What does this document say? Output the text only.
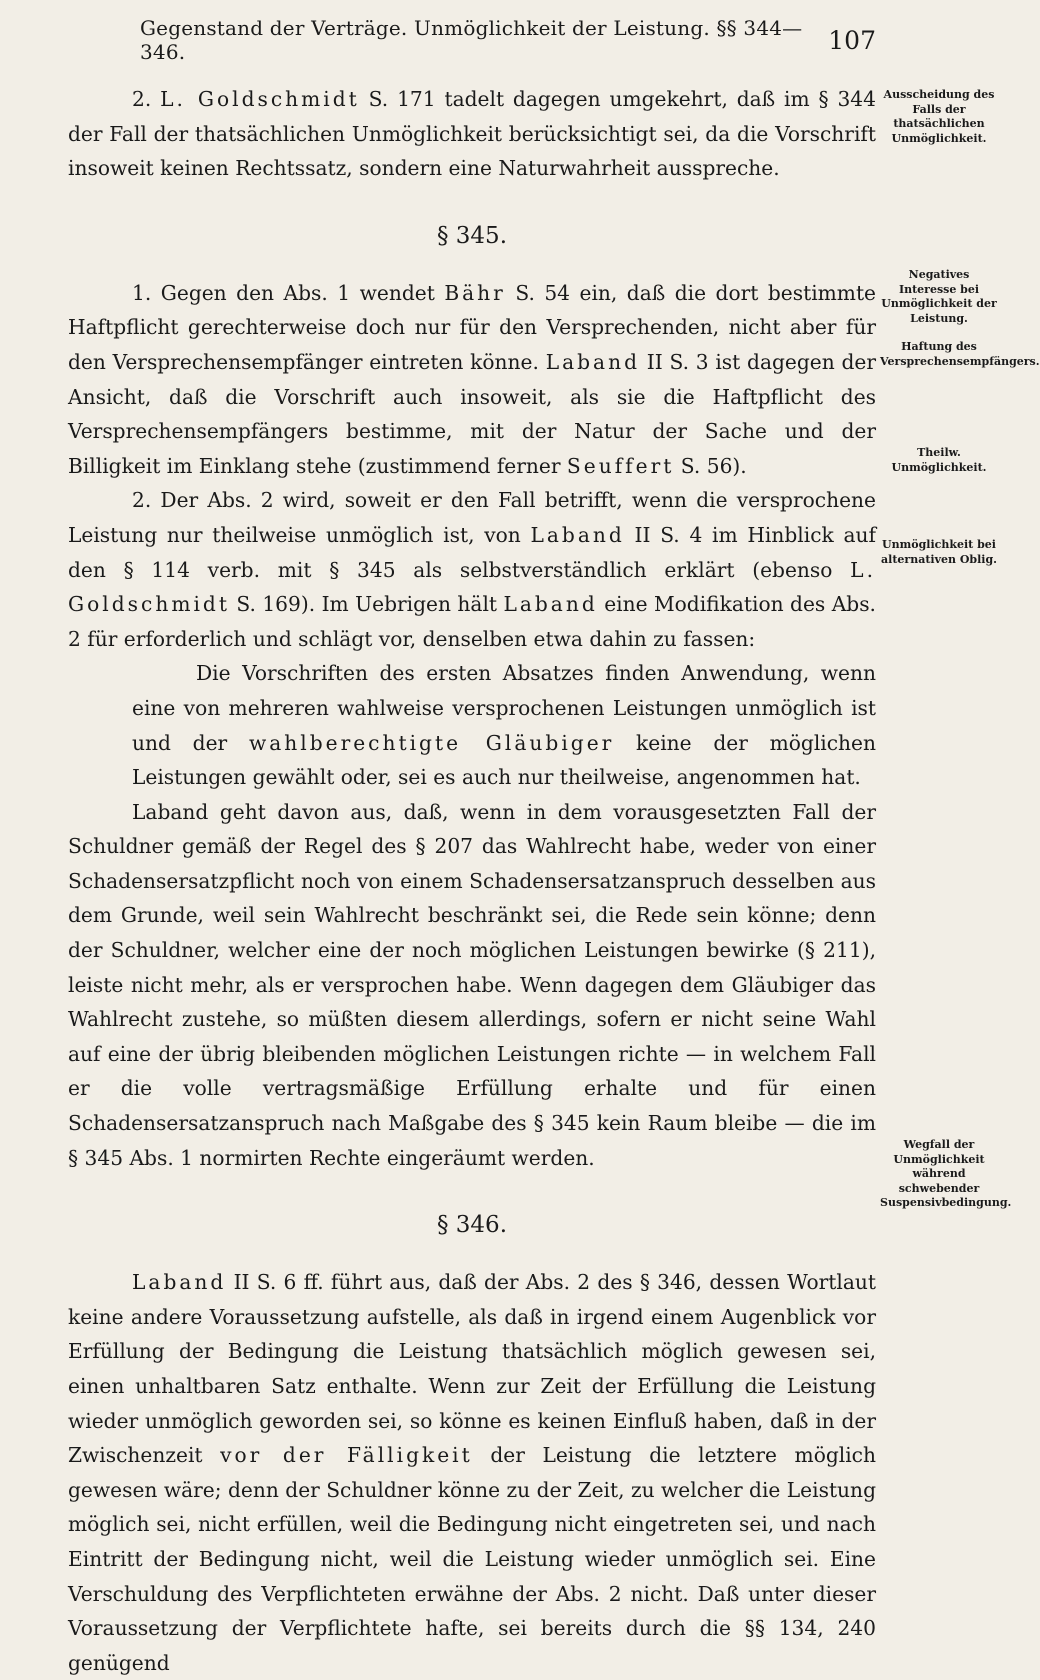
Gegenstand der Verträge. Unmöglichkeit der Leistung. §§ 344—346.	107

2. L. Goldschmidt S. 171 tadelt dagegen umgekehrt, daß im § 344 der Fall der thatsächlichen Unmöglichkeit berücksichtigt sei, da die Vorschrift insoweit keinen Rechtssatz, sondern eine Naturwahrheit ausspreche.

§ 345.

1. Gegen den Abs. 1 wendet Bähr S. 54 ein, daß die dort bestimmte Haftpflicht gerechterweise doch nur für den Versprechenden, nicht aber für den Versprechensempfänger eintreten könne. Laband II S. 3 ist dagegen der Ansicht, daß die Vorschrift auch insoweit, als sie die Haftpflicht des Versprechensempfängers bestimme, mit der Natur der Sache und der Billigkeit im Einklang stehe (zustimmend ferner Seuffert S. 56).

2. Der Abs. 2 wird, soweit er den Fall betrifft, wenn die versprochene Leistung nur theilweise unmöglich ist, von Laband II S. 4 im Hinblick auf den § 114 verb. mit § 345 als selbstverständlich erklärt (ebenso L. Goldschmidt S. 169). Im Uebrigen hält Laband eine Modifikation des Abs. 2 für erforderlich und schlägt vor, denselben etwa dahin zu fassen:

Die Vorschriften des ersten Absatzes finden Anwendung, wenn eine von mehreren wahlweise versprochenen Leistungen unmöglich ist und der wahlberechtigte Gläubiger keine der möglichen Leistungen gewählt oder, sei es auch nur theilweise, angenommen hat.

Laband geht davon aus, daß, wenn in dem vorausgesetzten Fall der Schuldner gemäß der Regel des § 207 das Wahlrecht habe, weder von einer Schadensersatzpflicht noch von einem Schadensersatzanspruch desselben aus dem Grunde, weil sein Wahlrecht beschränkt sei, die Rede sein könne; denn der Schuldner, welcher eine der noch möglichen Leistungen bewirke (§ 211), leiste nicht mehr, als er versprochen habe. Wenn dagegen dem Gläubiger das Wahlrecht zustehe, so müßten diesem allerdings, sofern er nicht seine Wahl auf eine der übrig bleibenden möglichen Leistungen richte — in welchem Fall er die volle vertragsmäßige Erfüllung erhalte und für einen Schadensersatzanspruch nach Maßgabe des § 345 kein Raum bleibe — die im § 345 Abs. 1 normirten Rechte eingeräumt werden.

§ 346.

Laband II S. 6 ff. führt aus, daß der Abs. 2 des § 346, dessen Wortlaut keine andere Voraussetzung aufstelle, als daß in irgend einem Augenblick vor Erfüllung der Bedingung die Leistung thatsächlich möglich gewesen sei, einen unhaltbaren Satz enthalte. Wenn zur Zeit der Erfüllung die Leistung wieder unmöglich geworden sei, so könne es keinen Einfluß haben, daß in der Zwischenzeit vor der Fälligkeit der Leistung die letztere möglich gewesen wäre; denn der Schuldner könne zu der Zeit, zu welcher die Leistung möglich sei, nicht erfüllen, weil die Bedingung nicht eingetreten sei, und nach Eintritt der Bedingung nicht, weil die Leistung wieder unmöglich sei. Eine Verschuldung des Verpflichteten erwähne der Abs. 2 nicht. Daß unter dieser Voraussetzung der Verpflichtete hafte, sei bereits durch die §§ 134, 240 genügend

Ausscheidung des Falls der thatsächlichen Unmöglichkeit.
Negatives Interesse bei Unmöglichkeit der Leistung.
Haftung des Versprechensempfängers.
Theilw. Unmöglichkeit.
Unmöglichkeit bei alternativen Oblig.
Wegfall der Unmöglichkeit während schwebender Suspensivbedingung.
